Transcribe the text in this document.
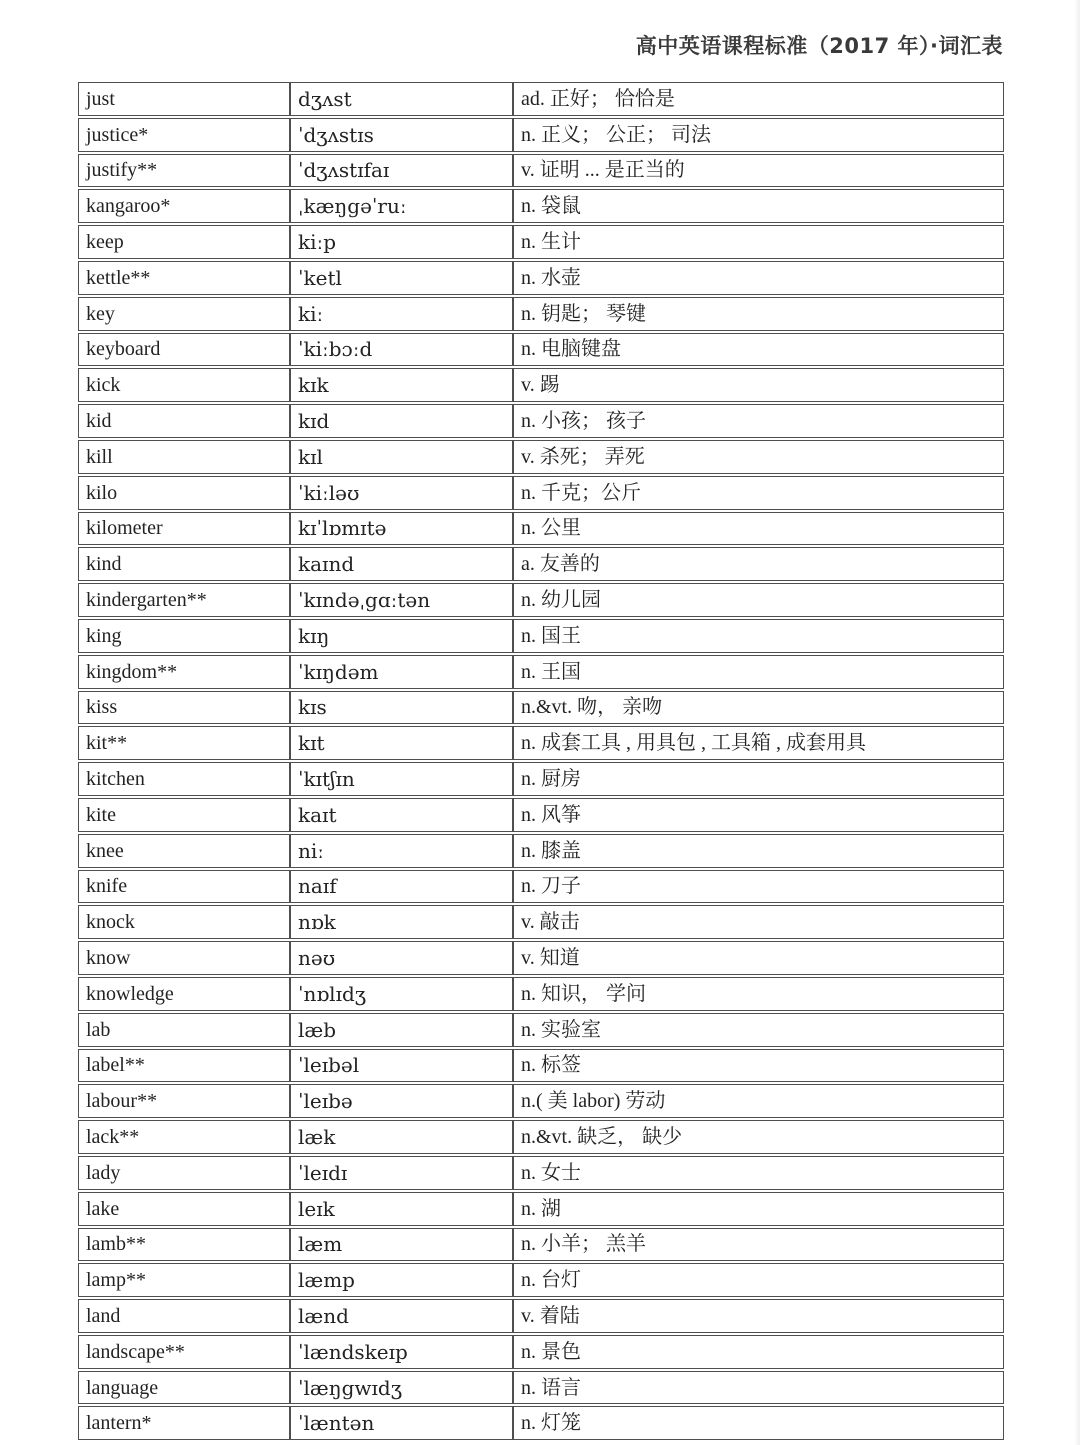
高中英语课程标准（2017 年）·词汇表
just	dʒʌst	ad. 正好； 恰恰是
justice*	ˈdʒʌstɪs	n. 正义； 公正； 司法
justify**	ˈdʒʌstɪfaɪ	v. 证明 ... 是正当的
kangaroo*	ˌkæŋgəˈruː	n. 袋鼠
keep	kiːp	n. 生计
kettle**	ˈketl	n. 水壶
key	kiː	n. 钥匙； 琴键
keyboard	ˈkiːbɔːd	n. 电脑键盘
kick	kɪk	v. 踢
kid	kɪd	n. 小孩； 孩子
kill	kɪl	v. 杀死； 弄死
kilo	ˈkiːləʊ	n. 千克；公斤
kilometer	kɪˈlɒmɪtə	n. 公里
kind	kaɪnd	a. 友善的
kindergarten**	ˈkɪndəˌgɑːtən	n. 幼儿园
king	kɪŋ	n. 国王
kingdom**	ˈkɪŋdəm	n. 王国
kiss	kɪs	n.&vt. 吻， 亲吻
kit**	kɪt	n. 成套工具 , 用具包 , 工具箱 , 成套用具
kitchen	ˈkɪtʃɪn	n. 厨房
kite	kaɪt	n. 风筝
knee	niː	n. 膝盖
knife	naɪf	n. 刀子
knock	nɒk	v. 敲击
know	nəʊ	v. 知道
knowledge	ˈnɒlɪdʒ	n. 知识， 学问
lab	læb	n. 实验室
label**	ˈleɪbəl	n. 标签
labour**	ˈleɪbə	n.( 美 labor) 劳动
lack**	læk	n.&vt. 缺乏， 缺少
lady	ˈleɪdɪ	n. 女士
lake	leɪk	n. 湖
lamb**	læm	n. 小羊； 羔羊
lamp**	læmp	n. 台灯
land	lænd	v. 着陆
landscape**	ˈlændskeɪp	n. 景色
language	ˈlæŋgwɪdʒ	n. 语言
lantern*	ˈlæntən	n. 灯笼
